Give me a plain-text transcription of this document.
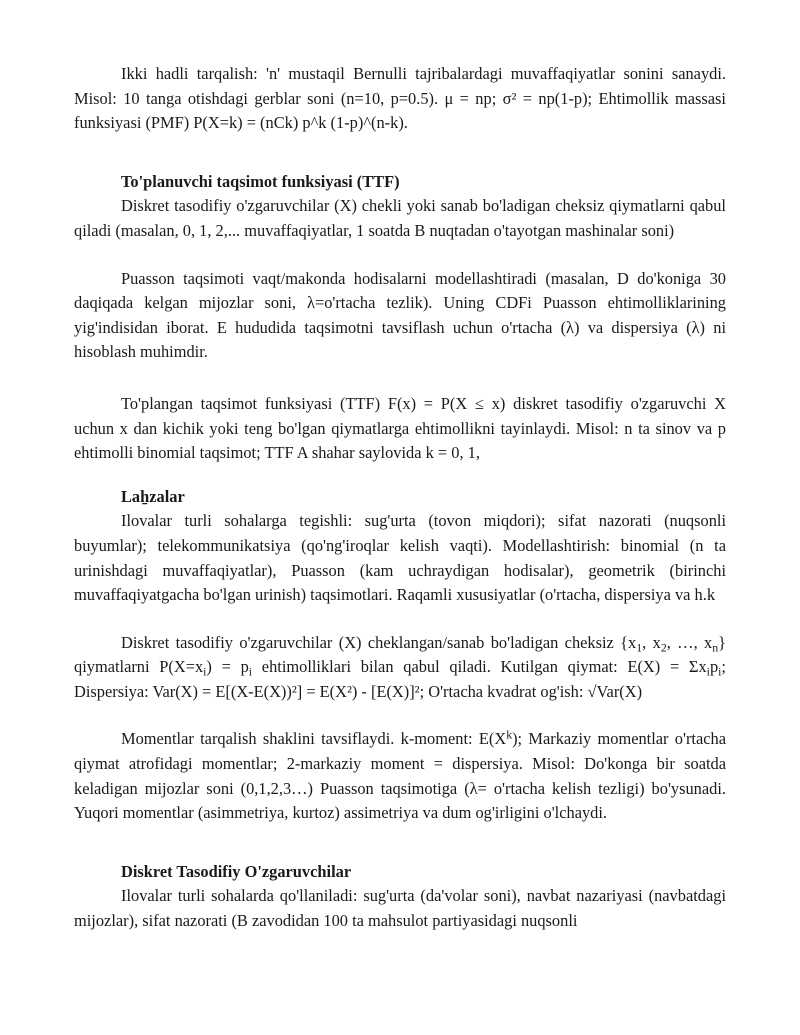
Ikki hadli tarqalish: 'n' mustaqil Bernulli tajribalardagi muvaffaqiyatlar sonini sanaydi. Misol: 10 tanga otishdagi gerblar soni (n=10, p=0.5). μ = np; σ² = np(1-p); Ehtimollik massasi funksiyasi (PMF) P(X=k) = (nCk) p^k (1-p)^(n-k).

To'planuvchi taqsimot funksiyasi (TTF)

Diskret tasodifiy o'zgaruvchilar (X) chekli yoki sanab bo'ladigan cheksiz qiymatlarni qabul qiladi (masalan, 0, 1, 2,... muvaffaqiyatlar, 1 soatda B nuqtadan o'tayotgan mashinalar soni)

Puasson taqsimoti vaqt/makonda hodisalarni modellashtiradi (masalan, D do'koniga 30 daqiqada kelgan mijozlar soni, λ=o'rtacha tezlik). Uning CDFi Puasson ehtimolliklarining yig'indisidan iborat. E hududida taqsimotni tavsiflash uchun o'rtacha (λ) va dispersiya (λ) ni hisoblash muhimdir.

To'plangan taqsimot funksiyasi (TTF) F(x) = P(X ≤ x) diskret tasodifiy o'zgaruvchi X uchun x dan kichik yoki teng bo'lgan qiymatlarga ehtimollikni tayinlaydi. Misol: n ta sinov va p ehtimolli binomial taqsimot; TTF A shahar saylovida k = 0, 1,

Laẖzalar

Ilovalar turli sohalarga tegishli: sug'urta (tovon miqdori); sifat nazorati (nuqsonli buyumlar); telekommunikatsiya (qo'ng'iroqlar kelish vaqti). Modellashtirish: binomial (n ta urinishdagi muvaffaqiyatlar), Puasson (kam uchraydigan hodisalar), geometrik (birinchi muvaffaqiyatgacha bo'lgan urinish) taqsimotlari. Raqamli xususiyatlar (o'rtacha, dispersiya va h.k

Diskret tasodifiy o'zgaruvchilar (X) cheklangan/sanab bo'ladigan cheksiz {$x_1$, $x_2$, …, $x_n$} qiymatlarni $P(X=x_i) = p_i$ ehtimolliklari bilan qabul qiladi. Kutilgan qiymat: $E(X) = \Sigma x_ip_i$; Dispersiya: Var(X) = E[(X-E(X))²] = E(X²) - [E(X)]²; O'rtacha kvadrat og'ish: √Var(X)

Momentlar tarqalish shaklini tavsiflaydi. k-moment: $E(X^k)$; Markaziy momentlar o'rtacha qiymat atrofidagi momentlar; 2-markaziy moment = dispersiya. Misol: Do'konga bir soatda keladigan mijozlar soni (0,1,2,3…) Puasson taqsimotiga (λ= o'rtacha kelish tezligi) bo'ysunadi. Yuqori momentlar (asimmetriya, kurtoz) assimetriya va dum og'irligini o'lchaydi.

Diskret Tasodifiy O'zgaruvchilar

Ilovalar turli sohalarda qo'llaniladi: sug'urta (da'volar soni), navbat nazariyasi (navbatdagi mijozlar), sifat nazorati (B zavodidan 100 ta mahsulot partiyasidagi nuqsonli
